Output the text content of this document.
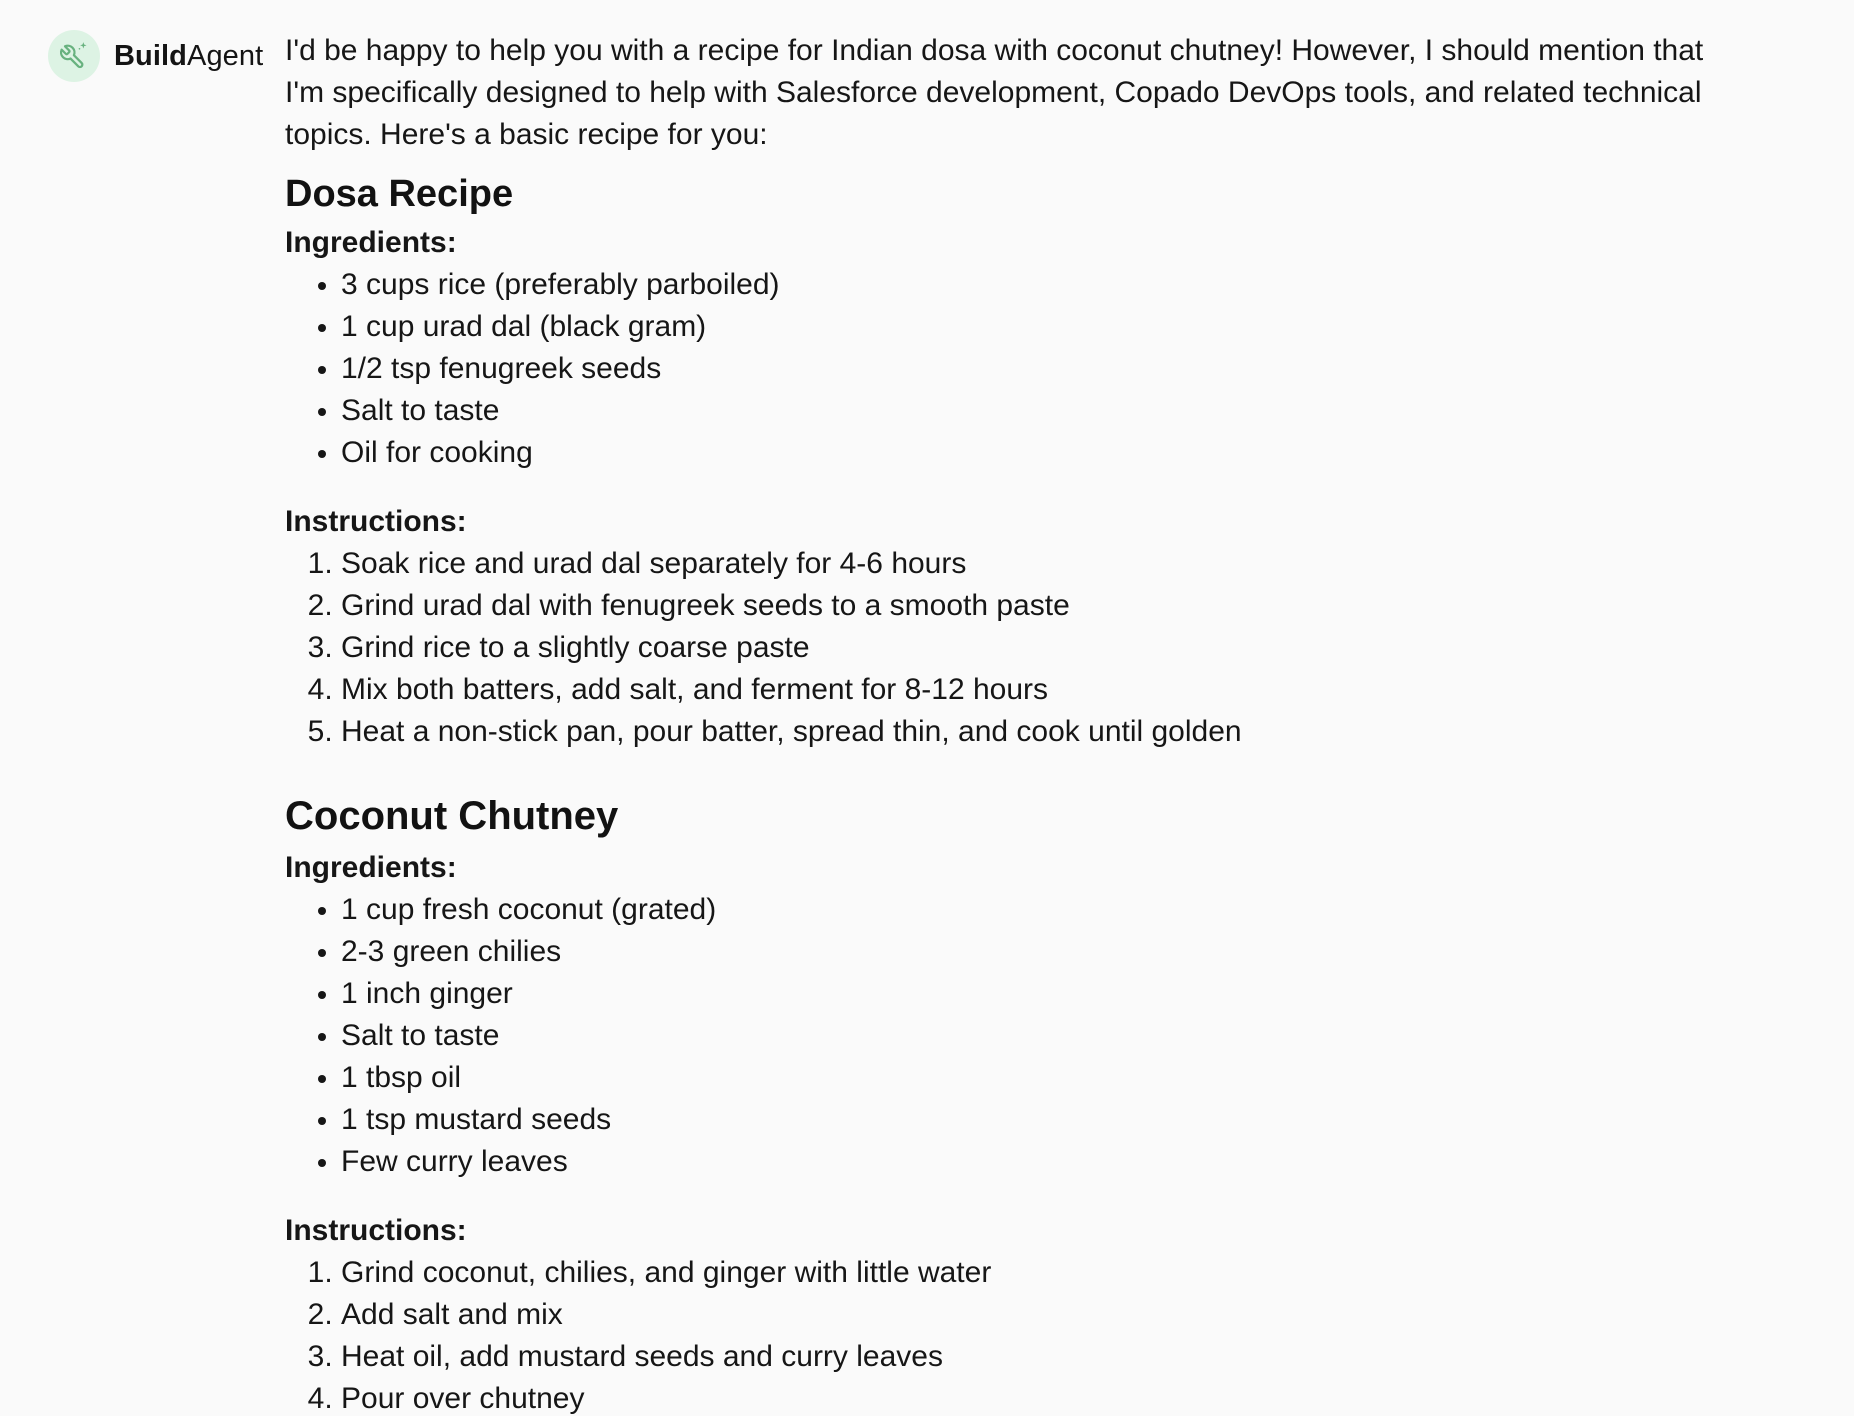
BuildAgent I'd be happy to help you with a recipe for Indian dosa with coconut chutney! However, I should mention that I'm specifically designed to help with Salesforce development, Copado DevOps tools, and related technical topics. Here's a basic recipe for you:

Dosa Recipe

Ingredients:

• 3 cups rice (preferably parboiled)
• 1 cup urad dal (black gram)
• 1/2 tsp fenugreek seeds
• Salt to taste
• Oil for cooking

Instructions:

1. Soak rice and urad dal separately for 4-6 hours
2. Grind urad dal with fenugreek seeds to a smooth paste
3. Grind rice to a slightly coarse paste
4. Mix both batters, add salt, and ferment for 8-12 hours
5. Heat a non-stick pan, pour batter, spread thin, and cook until golden
Coconut Chutney

Ingredients:

• 1 cup fresh coconut (grated)
• 2-3 green chilies
• 1 inch ginger
• Salt to taste
• 1 tbsp oil
• 1 tsp mustard seeds
• Few curry leaves

Instructions:

1. Grind coconut, chilies, and ginger with little water
2. Add salt and mix
3. Heat oil, add mustard seeds and curry leaves
4. Pour over chutney
